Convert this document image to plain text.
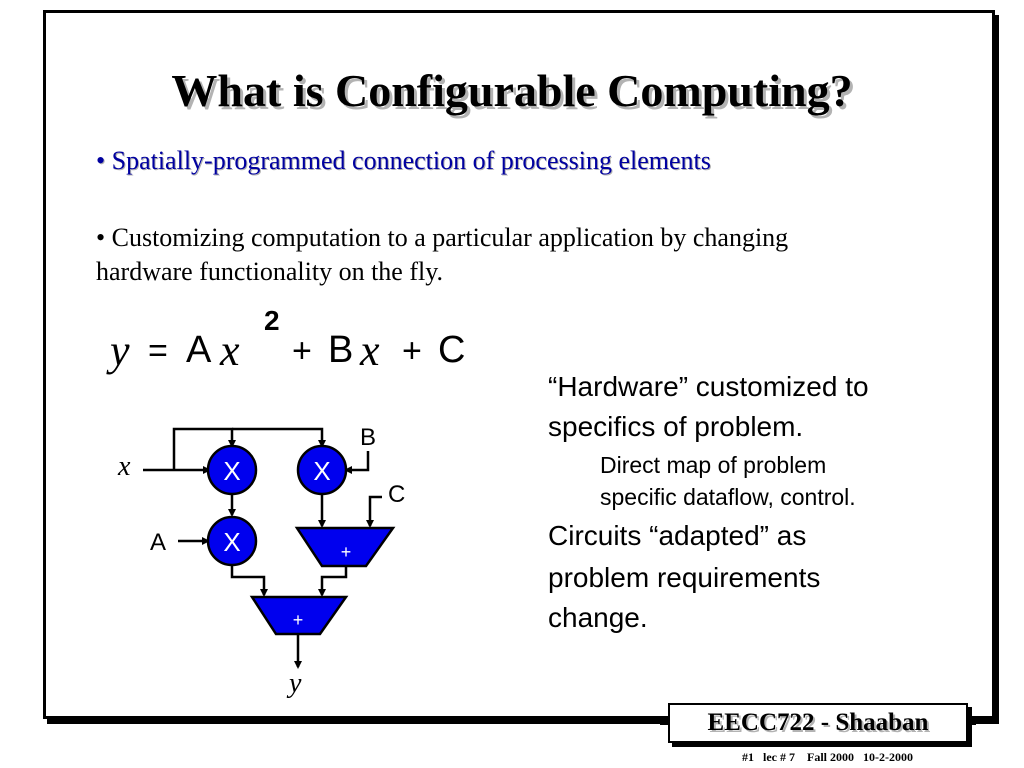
What is Configurable Computing?
• Spatially-programmed connection of processing elements
• Customizing computation to a particular application by changing hardware functionality on the fly.
y = A x
2
+ B x + C
X	X
X	+
+
x
A
B
C
y
“Hardware” customized to
specifics of problem.
Direct map of problem
specific dataflow, control.
Circuits “adapted” as
problem requirements
change.
EECC722 - Shaaban
#1   lec # 7    Fall 2000   10-2-2000
